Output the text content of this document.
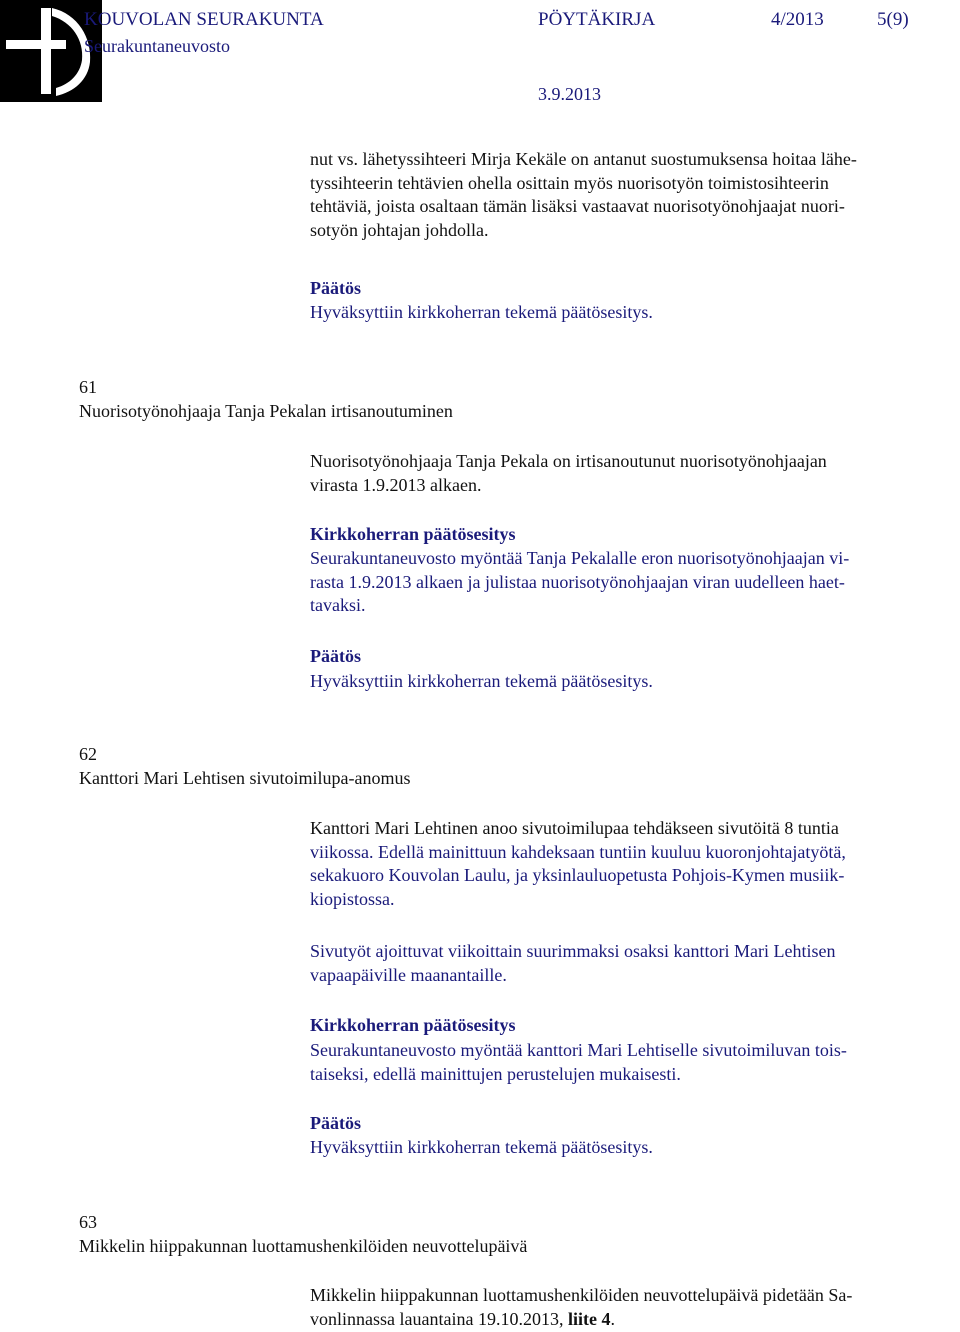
KOUVOLAN SEURAKUNTA
Seurakuntaneuvosto
PÖYTÄKIRJA	4/2013	5(9)
3.9.2013
nut vs. lähetyssihteeri Mirja Kekäle on antanut suostumuksensa hoitaa lähe-
tyssihteerin tehtävien ohella osittain myös nuorisotyön toimistosihteerin
tehtäviä, joista osaltaan tämän lisäksi vastaavat nuorisotyönohjaajat nuori-
sotyön johtajan johdolla.
Päätös
Hyväksyttiin kirkkoherran tekemä päätösesitys.
61
Nuorisotyönohjaaja Tanja Pekalan irtisanoutuminen
Nuorisotyönohjaaja Tanja Pekala on irtisanoutunut nuorisotyönohjaajan
virasta 1.9.2013 alkaen.
Kirkkoherran päätösesitys
Seurakuntaneuvosto myöntää Tanja Pekalalle eron nuorisotyönohjaajan vi-
rasta 1.9.2013 alkaen ja julistaa nuorisotyönohjaajan viran uudelleen haet-
tavaksi.
Päätös
Hyväksyttiin kirkkoherran tekemä päätösesitys.
62
Kanttori Mari Lehtisen sivutoimilupa-anomus
Kanttori Mari Lehtinen anoo sivutoimilupaa tehdäkseen sivutöitä 8 tuntia
viikossa. Edellä mainittuun kahdeksaan tuntiin kuuluu kuoronjohtajatyötä,
sekakuoro Kouvolan Laulu, ja yksinlauluopetusta Pohjois-Kymen musiik-
kiopistossa.
Sivutyöt ajoittuvat viikoittain suurimmaksi osaksi kanttori Mari Lehtisen
vapaapäiville maanantaille.
Kirkkoherran päätösesitys
Seurakuntaneuvosto myöntää kanttori Mari Lehtiselle sivutoimiluvan tois-
taiseksi, edellä mainittujen perustelujen mukaisesti.
Päätös
Hyväksyttiin kirkkoherran tekemä päätösesitys.
63
Mikkelin hiippakunnan luottamushenkilöiden neuvottelupäivä
Mikkelin hiippakunnan luottamushenkilöiden neuvottelupäivä pidetään Sa-
vonlinnassa lauantaina 19.10.2013, liite 4.
